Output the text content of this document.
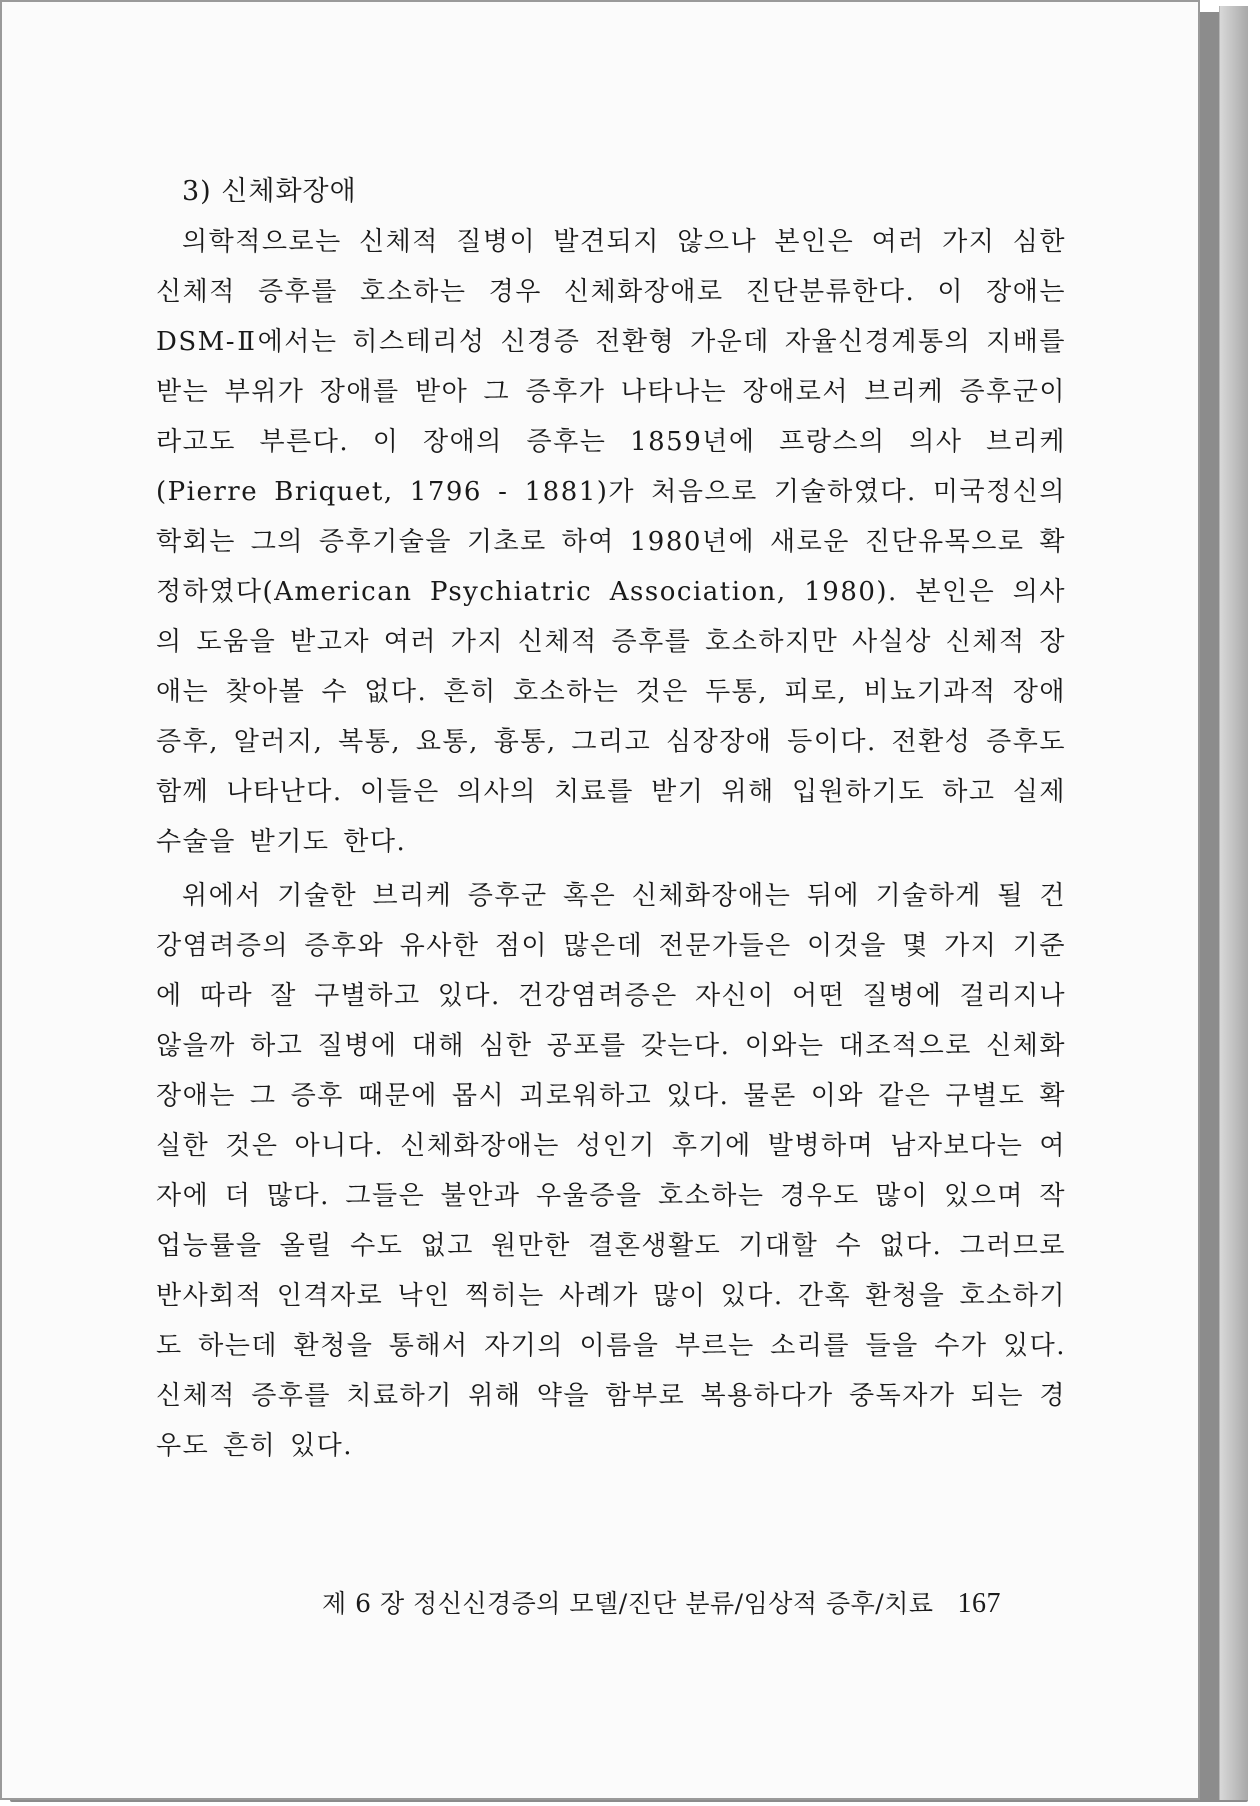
3) 신체화장애

의학적으로는 신체적 질병이 발견되지 않으나 본인은 여러 가지 심한 신체적 증후를 호소하는 경우 신체화장애로 진단분류한다. 이 장애는 DSM-Ⅱ에서는 히스테리성 신경증 전환형 가운데 자율신경계통의 지배를 받는 부위가 장애를 받아 그 증후가 나타나는 장애로서 브리케 증후군이라고도 부른다. 이 장애의 증후는 1859년에 프랑스의 의사 브리케(Pierre Briquet, 1796 - 1881)가 처음으로 기술하였다. 미국정신의학회는 그의 증후기술을 기초로 하여 1980년에 새로운 진단유목으로 확정하였다(American Psychiatric Association, 1980). 본인은 의사의 도움을 받고자 여러 가지 신체적 증후를 호소하지만 사실상 신체적 장애는 찾아볼 수 없다. 흔히 호소하는 것은 두통, 피로, 비뇨기과적 장애증후, 알러지, 복통, 요통, 흉통, 그리고 심장장애 등이다. 전환성 증후도 함께 나타난다. 이들은 의사의 치료를 받기 위해 입원하기도 하고 실제 수술을 받기도 한다.

위에서 기술한 브리케 증후군 혹은 신체화장애는 뒤에 기술하게 될 건강염려증의 증후와 유사한 점이 많은데 전문가들은 이것을 몇 가지 기준에 따라 잘 구별하고 있다. 건강염려증은 자신이 어떤 질병에 걸리지나 않을까 하고 질병에 대해 심한 공포를 갖는다. 이와는 대조적으로 신체화 장애는 그 증후 때문에 몹시 괴로워하고 있다. 물론 이와 같은 구별도 확실한 것은 아니다. 신체화장애는 성인기 후기에 발병하며 남자보다는 여자에 더 많다. 그들은 불안과 우울증을 호소하는 경우도 많이 있으며 작업능률을 올릴 수도 없고 원만한 결혼생활도 기대할 수 없다. 그러므로 반사회적 인격자로 낙인 찍히는 사례가 많이 있다. 간혹 환청을 호소하기도 하는데 환청을 통해서 자기의 이름을 부르는 소리를 들을 수가 있다. 신체적 증후를 치료하기 위해 약을 함부로 복용하다가 중독자가 되는 경우도 흔히 있다.

제 6 장 정신신경증의 모델/진단 분류/임상적 증후/치료 167
